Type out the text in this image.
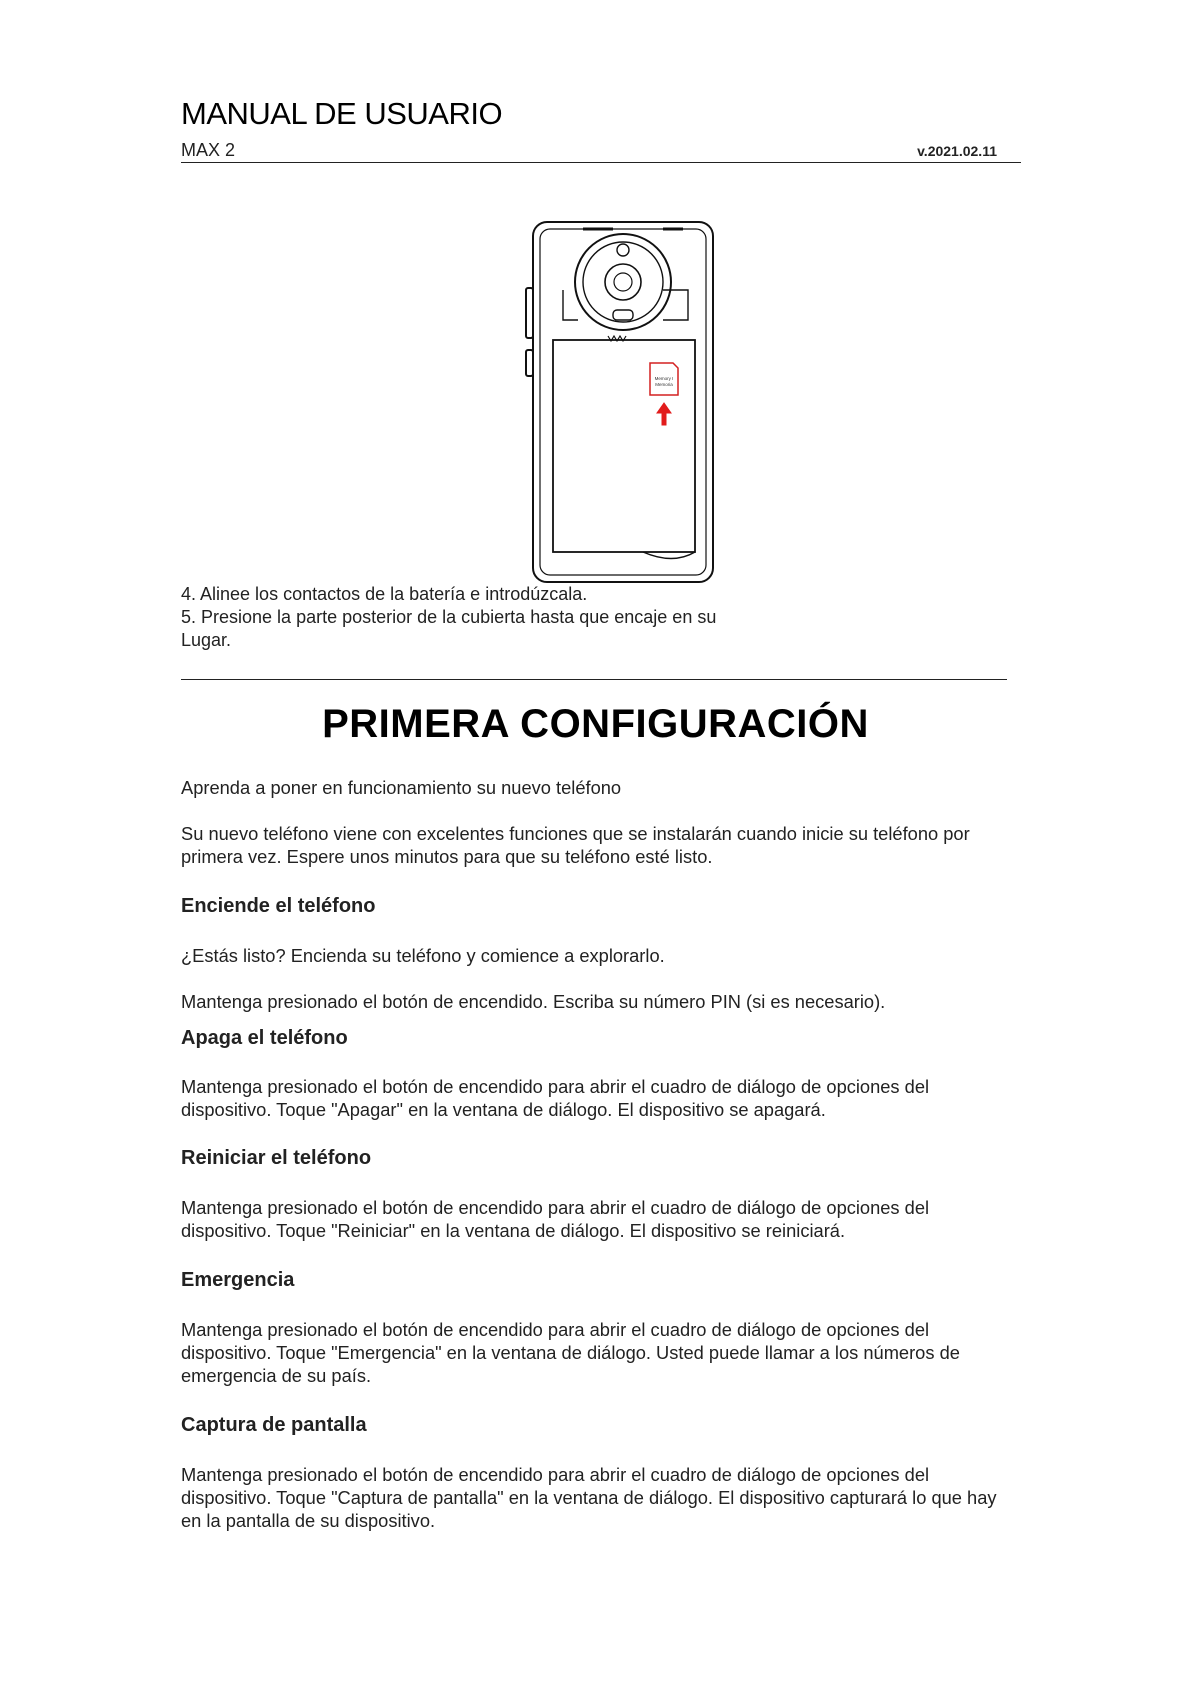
MANUAL DE USUARIO
MAX 2	v.2021.02.11
Memory I
Memoria

4. Alinee los contactos de la batería e introdúzcala.

5. Presione la parte posterior de la cubierta hasta que encaje en su

Lugar.

PRIMERA CONFIGURACIÓN

Aprenda a poner en funcionamiento su nuevo teléfono

Su nuevo teléfono viene con excelentes funciones que se instalarán cuando inicie su teléfono por primera vez. Espere unos minutos para que su teléfono esté listo.

Enciende el teléfono

¿Estás listo? Encienda su teléfono y comience a explorarlo.

Mantenga presionado el botón de encendido. Escriba su número PIN (si es necesario).

Apaga el teléfono

Mantenga presionado el botón de encendido para abrir el cuadro de diálogo de opciones del dispositivo. Toque "Apagar" en la ventana de diálogo. El dispositivo se apagará.

Reiniciar el teléfono

Mantenga presionado el botón de encendido para abrir el cuadro de diálogo de opciones del dispositivo. Toque "Reiniciar" en la ventana de diálogo. El dispositivo se reiniciará.

Emergencia

Mantenga presionado el botón de encendido para abrir el cuadro de diálogo de opciones del dispositivo. Toque "Emergencia" en la ventana de diálogo. Usted puede llamar a los números de emergencia de su país.

Captura de pantalla

Mantenga presionado el botón de encendido para abrir el cuadro de diálogo de opciones del dispositivo. Toque "Captura de pantalla" en la ventana de diálogo. El dispositivo capturará lo que hay en la pantalla de su dispositivo.
